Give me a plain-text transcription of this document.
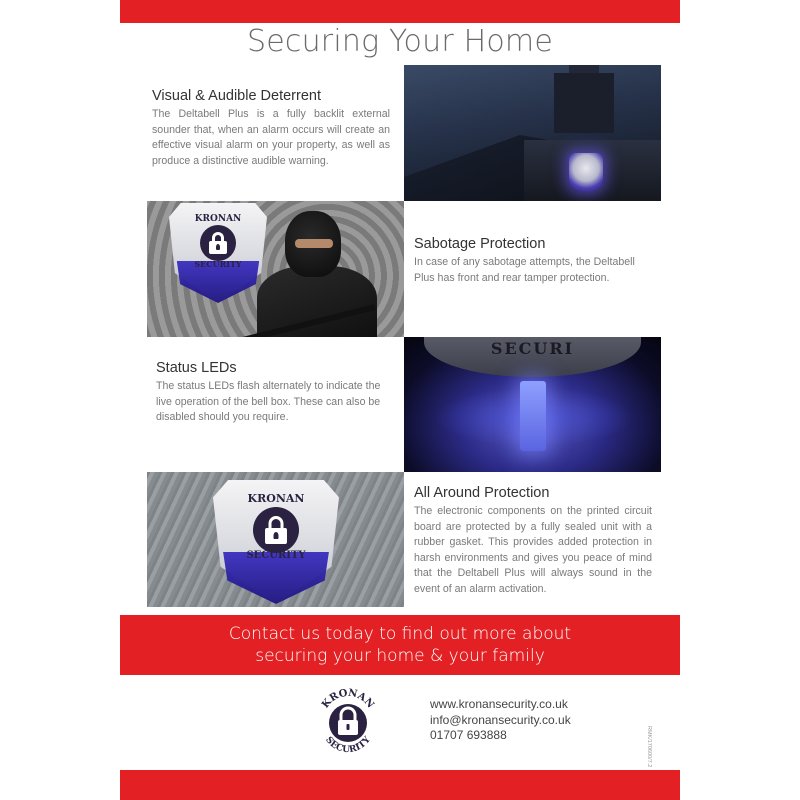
Securing Your Home
Visual & Audible Deterrent

The Deltabell Plus is a fully backlit external sounder that, when an alarm occurs will create an effective visual alarm on your property, as well as produce a distinctive audible warning.

KRONAN
SECURITY
Sabotage Protection

In case of any sabotage attempts, the Deltabell Plus has front and rear tamper protection.

Status LEDs

The status LEDs flash alternately to indicate the live operation of the bell box. These can also be disabled should you require.

SECURI
KRONAN
SECURITY
All Around Protection

The electronic components on the printed circuit board are protected by a fully sealed unit with a rubber gasket. This provides added protection in harsh environments and gives you peace of mind that the Deltabell Plus will always sound in the event of an alarm activation.

Contact us today to find out more about
securing your home & your family
KRONAN
SECURITY
www.kronansecurity.co.uk
info@kronansecurity.co.uk
01707 693888	RMK/170600/7.2
